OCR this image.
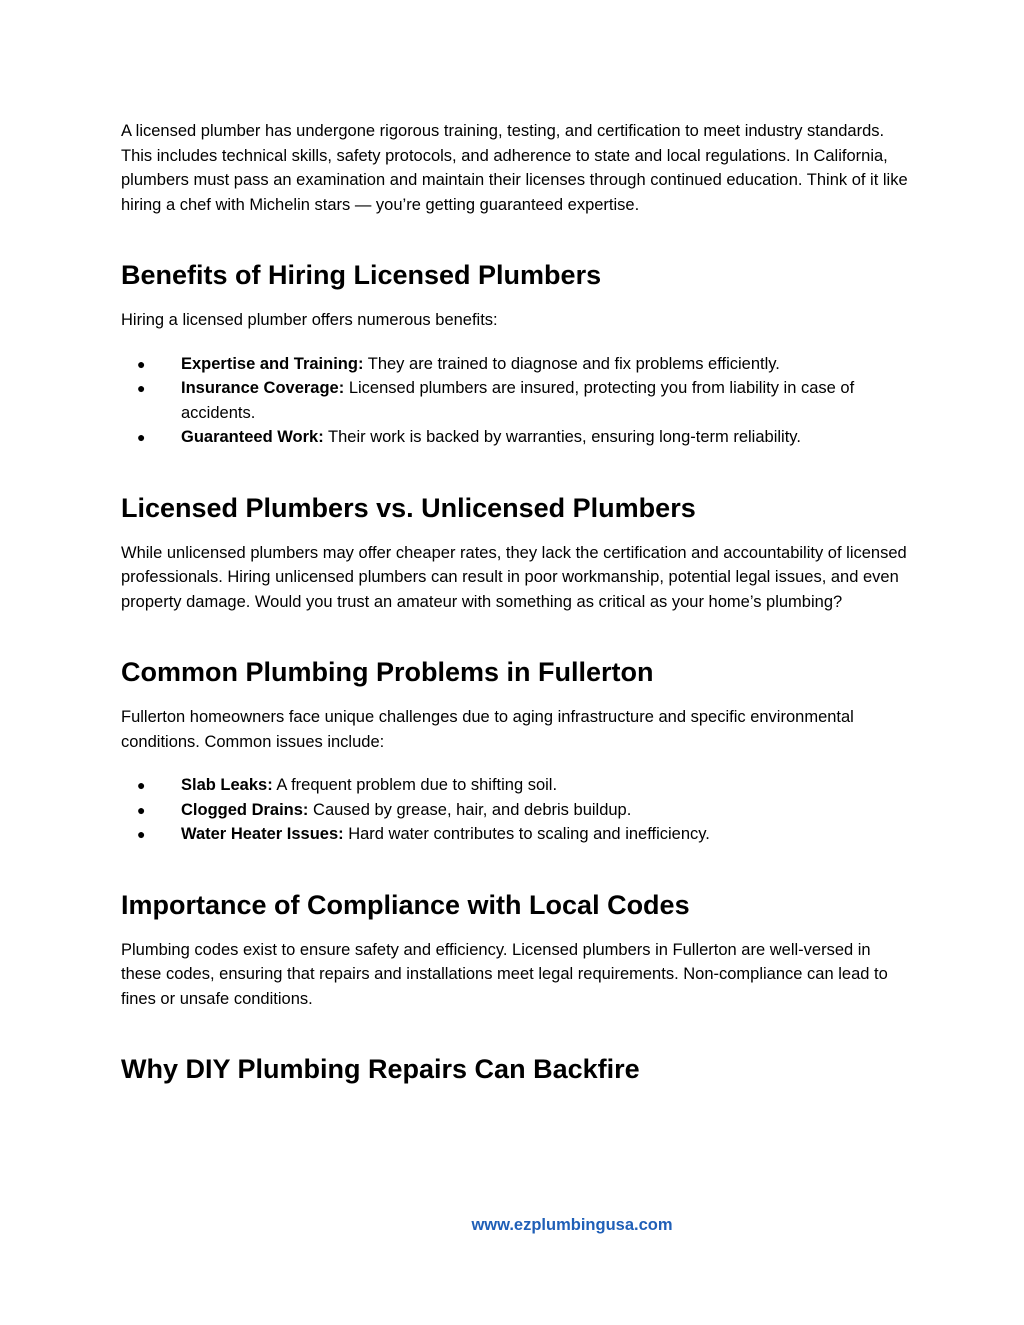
A licensed plumber has undergone rigorous training, testing, and certification to meet industry standards. This includes technical skills, safety protocols, and adherence to state and local regulations. In California, plumbers must pass an examination and maintain their licenses through continued education. Think of it like hiring a chef with Michelin stars — you’re getting guaranteed expertise.

Benefits of Hiring Licensed Plumbers

Hiring a licensed plumber offers numerous benefits:

● Expertise and Training: They are trained to diagnose and fix problems efficiently.
● Insurance Coverage: Licensed plumbers are insured, protecting you from liability in case of accidents.
● Guaranteed Work: Their work is backed by warranties, ensuring long-term reliability.
Licensed Plumbers vs. Unlicensed Plumbers

While unlicensed plumbers may offer cheaper rates, they lack the certification and accountability of licensed professionals. Hiring unlicensed plumbers can result in poor workmanship, potential legal issues, and even property damage. Would you trust an amateur with something as critical as your home’s plumbing?

Common Plumbing Problems in Fullerton

Fullerton homeowners face unique challenges due to aging infrastructure and specific environmental conditions. Common issues include:

● Slab Leaks: A frequent problem due to shifting soil.
● Clogged Drains: Caused by grease, hair, and debris buildup.
● Water Heater Issues: Hard water contributes to scaling and inefficiency.
Importance of Compliance with Local Codes

Plumbing codes exist to ensure safety and efficiency. Licensed plumbers in Fullerton are well-versed in these codes, ensuring that repairs and installations meet legal requirements. Non-compliance can lead to fines or unsafe conditions.

Why DIY Plumbing Repairs Can Backfire
www.ezplumbingusa.com
